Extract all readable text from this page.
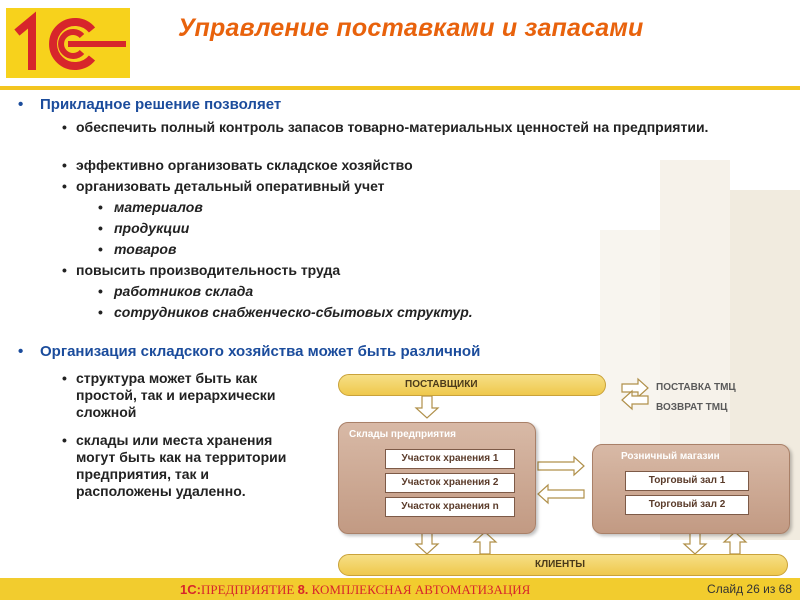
Управление поставками и запасами
• Прикладное решение позволяет
• обеспечить полный контроль запасов товарно-материальных ценностей на предприятии.
• эффективно организовать складское хозяйство
• организовать детальный оперативный учет
• материалов
• продукции
• товаров
• повысить производительность труда
• работников склада
• сотрудников снабженческо-сбытовых структур.
• Организация складского хозяйства может быть различной
• структура может быть как простой, так и иерархически сложной
• склады или места хранения могут быть как на территории предприятия, так и расположены удаленно.
ПОСТАВЩИКИ	ПОСТАВКА ТМЦ
ВОЗВРАТ ТМЦ
Склады предприятия
Участок хранения 1
Участок хранения 2
Участок хранения n
Розничный магазин
Торговый зал 1
Торговый зал 2
КЛИЕНТЫ
1С:ПРЕДПРИЯТИЕ 8. КОМПЛЕКСНАЯ АВТОМАТИЗАЦИЯ	Слайд 26 из 68
